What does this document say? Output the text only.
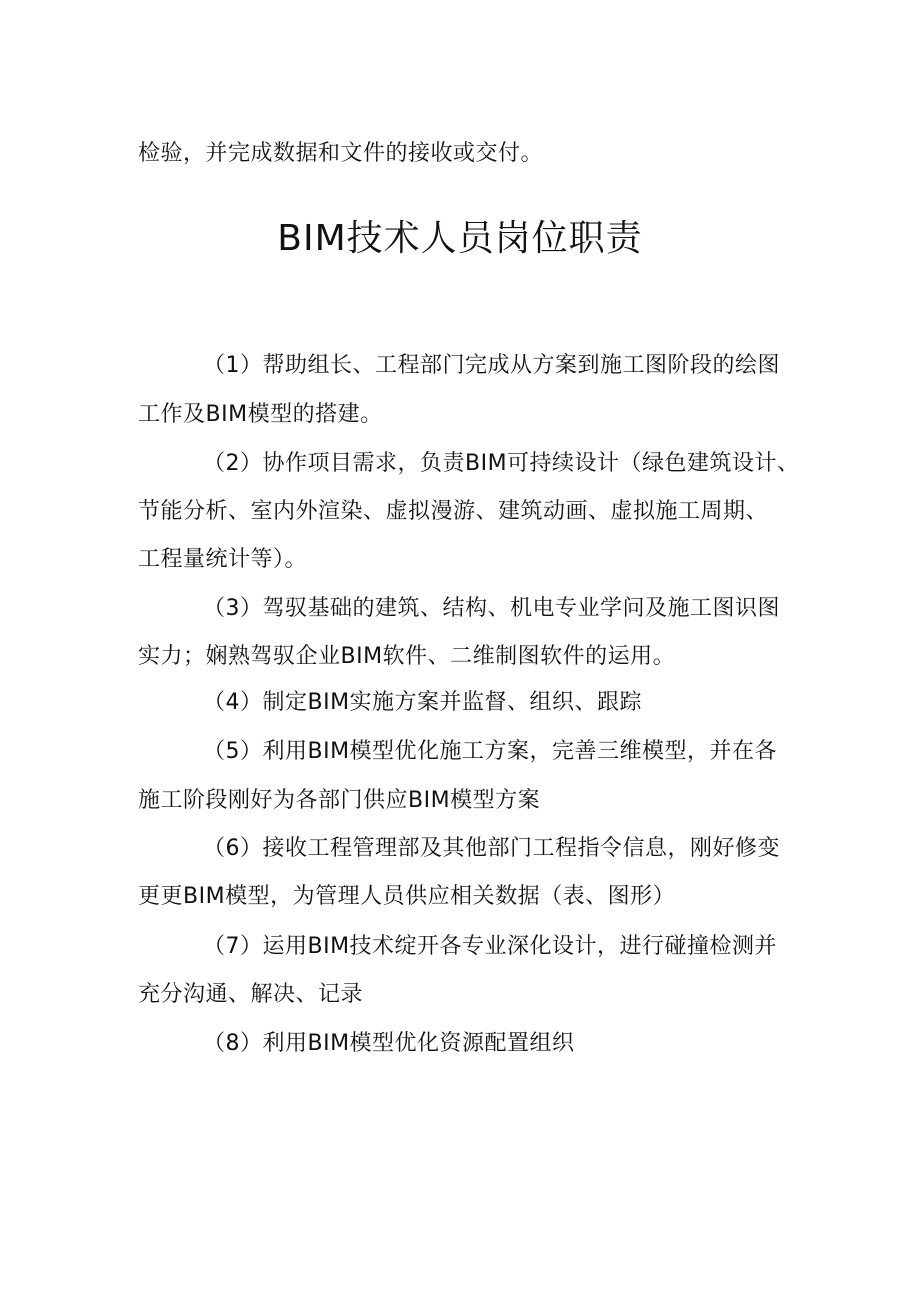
检验，并完成数据和文件的接收或交付。
BIM技术人员岗位职责
（1）帮助组长、工程部门完成从方案到施工图阶段的绘图
工作及BIM模型的搭建。
（2）协作项目需求，负责BIM可持续设计（绿色建筑设计、
节能分析、室内外渲染、虚拟漫游、建筑动画、虚拟施工周期、
工程量统计等）。
（3）驾驭基础的建筑、结构、机电专业学问及施工图识图
实力；娴熟驾驭企业BIM软件、二维制图软件的运用。
（4）制定BIM实施方案并监督、组织、跟踪
（5）利用BIM模型优化施工方案，完善三维模型，并在各
施工阶段刚好为各部门供应BIM模型方案
（6）接收工程管理部及其他部门工程指令信息，刚好修变
更更BIM模型，为管理人员供应相关数据（表、图形）
（7）运用BIM技术绽开各专业深化设计，进行碰撞检测并
充分沟通、解决、记录
（8）利用BIM模型优化资源配置组织
